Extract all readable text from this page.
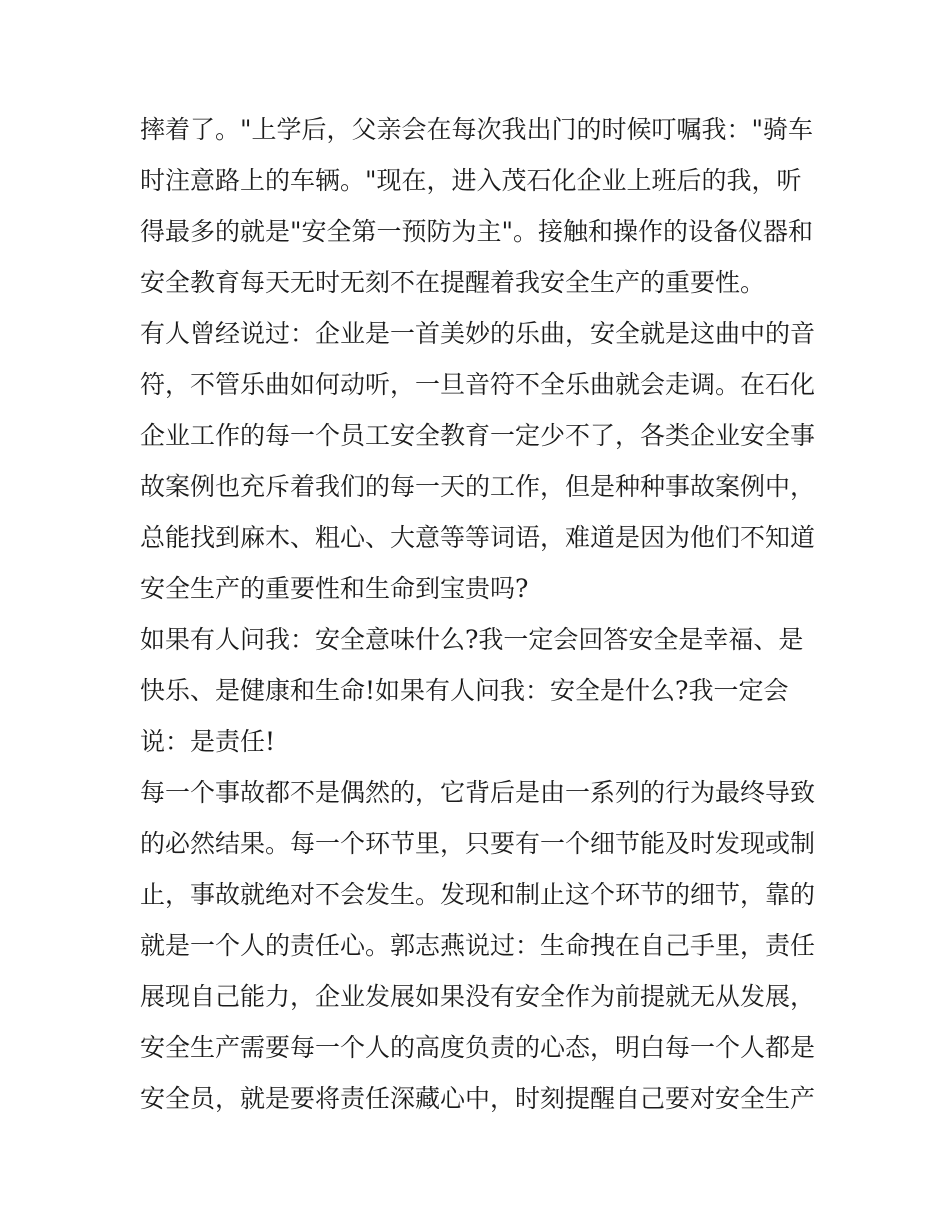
摔着了。"上学后，父亲会在每次我出门的时候叮嘱我："骑车
时注意路上的车辆。"现在，进入茂石化企业上班后的我，听
得最多的就是"安全第一预防为主"。接触和操作的设备仪器和
安全教育每天无时无刻不在提醒着我安全生产的重要性。
有人曾经说过：企业是一首美妙的乐曲，安全就是这曲中的音
符，不管乐曲如何动听，一旦音符不全乐曲就会走调。在石化
企业工作的每一个员工安全教育一定少不了，各类企业安全事
故案例也充斥着我们的每一天的工作，但是种种事故案例中，
总能找到麻木、粗心、大意等等词语，难道是因为他们不知道
安全生产的重要性和生命到宝贵吗?
如果有人问我：安全意味什么?我一定会回答安全是幸福、是
快乐、是健康和生命!如果有人问我：安全是什么?我一定会
说：是责任!
每一个事故都不是偶然的，它背后是由一系列的行为最终导致
的必然结果。每一个环节里，只要有一个细节能及时发现或制
止，事故就绝对不会发生。发现和制止这个环节的细节，靠的
就是一个人的责任心。郭志燕说过：生命拽在自己手里，责任
展现自己能力，企业发展如果没有安全作为前提就无从发展，
安全生产需要每一个人的高度负责的心态，明白每一个人都是
安全员，就是要将责任深藏心中，时刻提醒自己要对安全生产
